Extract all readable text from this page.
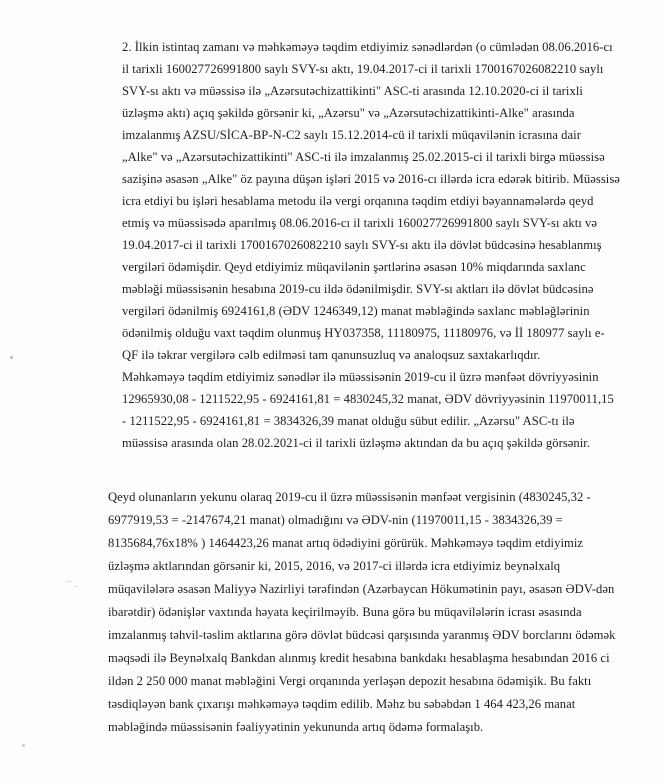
2. İlkin istintaq zamanı və məhkəməyə təqdim etdiyimiz sənədlərdən (o cümlədən 08.06.2016-cı
il tarixli 160027726991800 saylı SVY-sı aktı, 19.04.2017-ci il tarixli 1700167026082210 saylı
SVY-sı aktı və müəssisə ilə „Azərsutəchizattikinti" ASC-ti arasında 12.10.2020-ci il tarixli
üzləşmə aktı) açıq şəkildə görsənir ki, „Azərsu" və „Azərsutəchizattikinti-Alke" arasında
imzalanmış AZSU/SİCA-BP-N-C2 saylı 15.12.2014-cü il tarixli müqavilənin icrasına dair
„Alke" və „Azərsutəchizattikinti" ASC-ti ilə imzalanmış 25.02.2015-ci il tarixli birgə müəssisə
sazişinə əsasən „Alke" öz payına düşən işləri 2015 və 2016-cı illərdə icra edərək bitirib. Müəssisə
icra etdiyi bu işləri hesablama metodu ilə vergi orqanına təqdim etdiyi bəyannamələrdə qeyd
etmiş və müəssisədə aparılmış 08.06.2016-cı il tarixli 160027726991800 saylı SVY-sı aktı və
19.04.2017-ci il tarixli 1700167026082210 saylı SVY-sı aktı ilə dövlət büdcəsinə hesablanmış
vergiləri ödəmişdir. Qeyd etdiyimiz müqavilənin şərtlərinə əsasən 10% miqdarında saxlanc
məbləği müəssisənin hesabına 2019-cu ildə ödənilmişdir. SVY-sı aktları ilə dövlət büdcəsinə
vergiləri ödənilmiş 6924161,8 (ƏDV 1246349,12) manat məbləğində saxlanc məbləğlərinin
ödənilmiş olduğu vaxt təqdim olunmuş HY037358, 11180975, 11180976, və İİ 180977 saylı e-
QF ilə təkrar vergilərə cəlb edilməsi tam qanunsuzluq və analoqsuz saxtakarlıqdır.
Məhkəməyə təqdim etdiyimiz sənədlər ilə müəssisənin 2019-cu il üzrə mənfəət dövriyyəsinin
12965930,08 - 1211522,95 - 6924161,81 = 4830245,32 manat, ƏDV dövriyyəsinin 11970011,15
- 1211522,95 - 6924161,81 = 3834326,39 manat olduğu sübut edilir. „Azərsu" ASC-tı ilə
müəssisə arasında olan 28.02.2021-ci il tarixli üzləşmə aktından da bu açıq şəkildə görsənir.
Qeyd olunanların yekunu olaraq 2019-cu il üzrə müəssisənin mənfəət vergisinin (4830245,32 -
6977919,53 = -2147674,21 manat) olmadığını və ƏDV-nin (11970011,15 - 3834326,39 =
8135684,76x18% ) 1464423,26 manat artıq ödədiyini görürük. Məhkəməyə təqdim etdiyimiz
üzləşmə aktlarından görsənir ki, 2015, 2016, və 2017-ci illərdə icra etdiyimiz beynəlxalq
müqavilələrə əsasən Maliyyə Nazirliyi tərəfindən (Azərbaycan Hökumətinin payı, əsasən ƏDV-dən
ibarətdir) ödənişlər vaxtında həyata keçirilməyib. Buna görə bu müqavilələrin icrası əsasında
imzalanmış təhvil-təslim aktlarına görə dövlət büdcəsi qarşısında yaranmış ƏDV borclarını ödəmək
məqsədi ilə Beynəlxalq Bankdan alınmış kredit hesabına bankdakı hesablaşma hesabından 2016 ci
ildən 2 250 000 manat məbləğini Vergi orqanında yerləşən depozit hesabına ödəmişik. Bu faktı
təsdiqləyən bank çıxarışı məhkəməyə təqdim edilib. Məhz bu səbəbdən 1 464 423,26 manat
məbləğində müəssisənin fəaliyyətinin yekununda artıq ödəmə formalaşıb.
